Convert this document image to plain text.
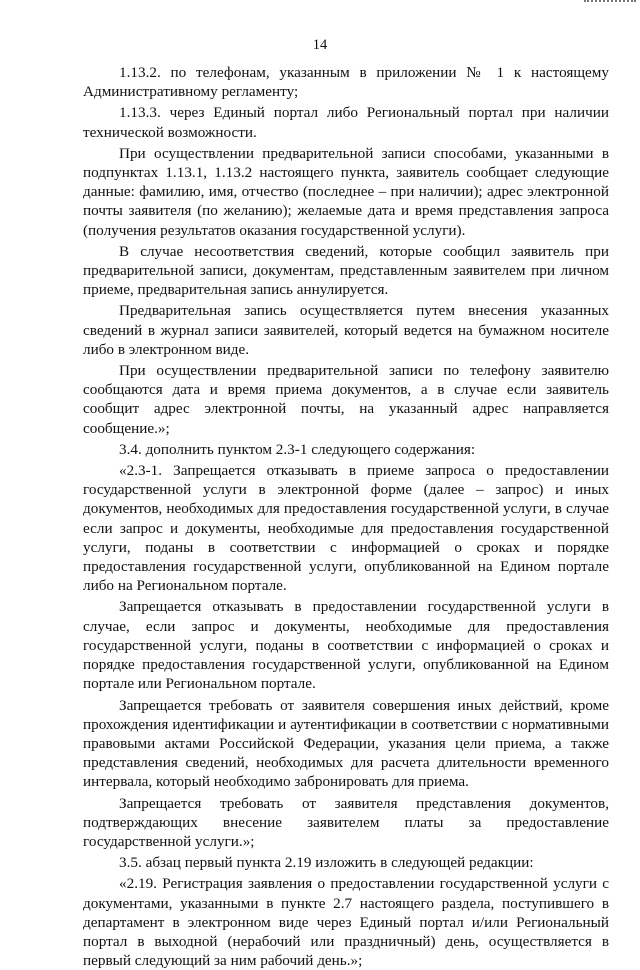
14

1.13.2. по телефонам, указанным в приложении № 1 к настоящему Административному регламенту;

1.13.3. через Единый портал либо Региональный портал при наличии технической возможности.

При осуществлении предварительной записи способами, указанными в подпунктах 1.13.1, 1.13.2 настоящего пункта, заявитель сообщает следующие данные: фамилию, имя, отчество (последнее – при наличии); адрес электронной почты заявителя (по желанию); желаемые дата и время представления запроса (получения результатов оказания государственной услуги).

В случае несоответствия сведений, которые сообщил заявитель при предварительной записи, документам, представленным заявителем при личном приеме, предварительная запись аннулируется.

Предварительная запись осуществляется путем внесения указанных сведений в журнал записи заявителей, который ведется на бумажном носителе либо в электронном виде.

При осуществлении предварительной записи по телефону заявителю сообщаются дата и время приема документов, а в случае если заявитель сообщит адрес электронной почты, на указанный адрес направляется сообщение.»;

3.4. дополнить пунктом 2.3-1 следующего содержания:

«2.3-1. Запрещается отказывать в приеме запроса о предоставлении государственной услуги в электронной форме (далее – запрос) и иных документов, необходимых для предоставления государственной услуги, в случае если запрос и документы, необходимые для предоставления государственной услуги, поданы в соответствии с информацией о сроках и порядке предоставления государственной услуги, опубликованной на Едином портале либо на Региональном портале.

Запрещается отказывать в предоставлении государственной услуги в случае, если запрос и документы, необходимые для предоставления государственной услуги, поданы в соответствии с информацией о сроках и порядке предоставления государственной услуги, опубликованной на Едином портале или Региональном портале.

Запрещается требовать от заявителя совершения иных действий, кроме прохождения идентификации и аутентификации в соответствии с нормативными правовыми актами Российской Федерации, указания цели приема, а также представления сведений, необходимых для расчета длительности временного интервала, который необходимо забронировать для приема.

Запрещается требовать от заявителя представления документов, подтверждающих внесение заявителем платы за предоставление государственной услуги.»;

3.5. абзац первый пункта 2.19 изложить в следующей редакции:

«2.19. Регистрация заявления о предоставлении государственной услуги с документами, указанными в пункте 2.7 настоящего раздела, поступившего в департамент в электронном виде через Единый портал и/или Региональный портал в выходной (нерабочий или праздничный) день, осуществляется в первый следующий за ним рабочий день.»;
